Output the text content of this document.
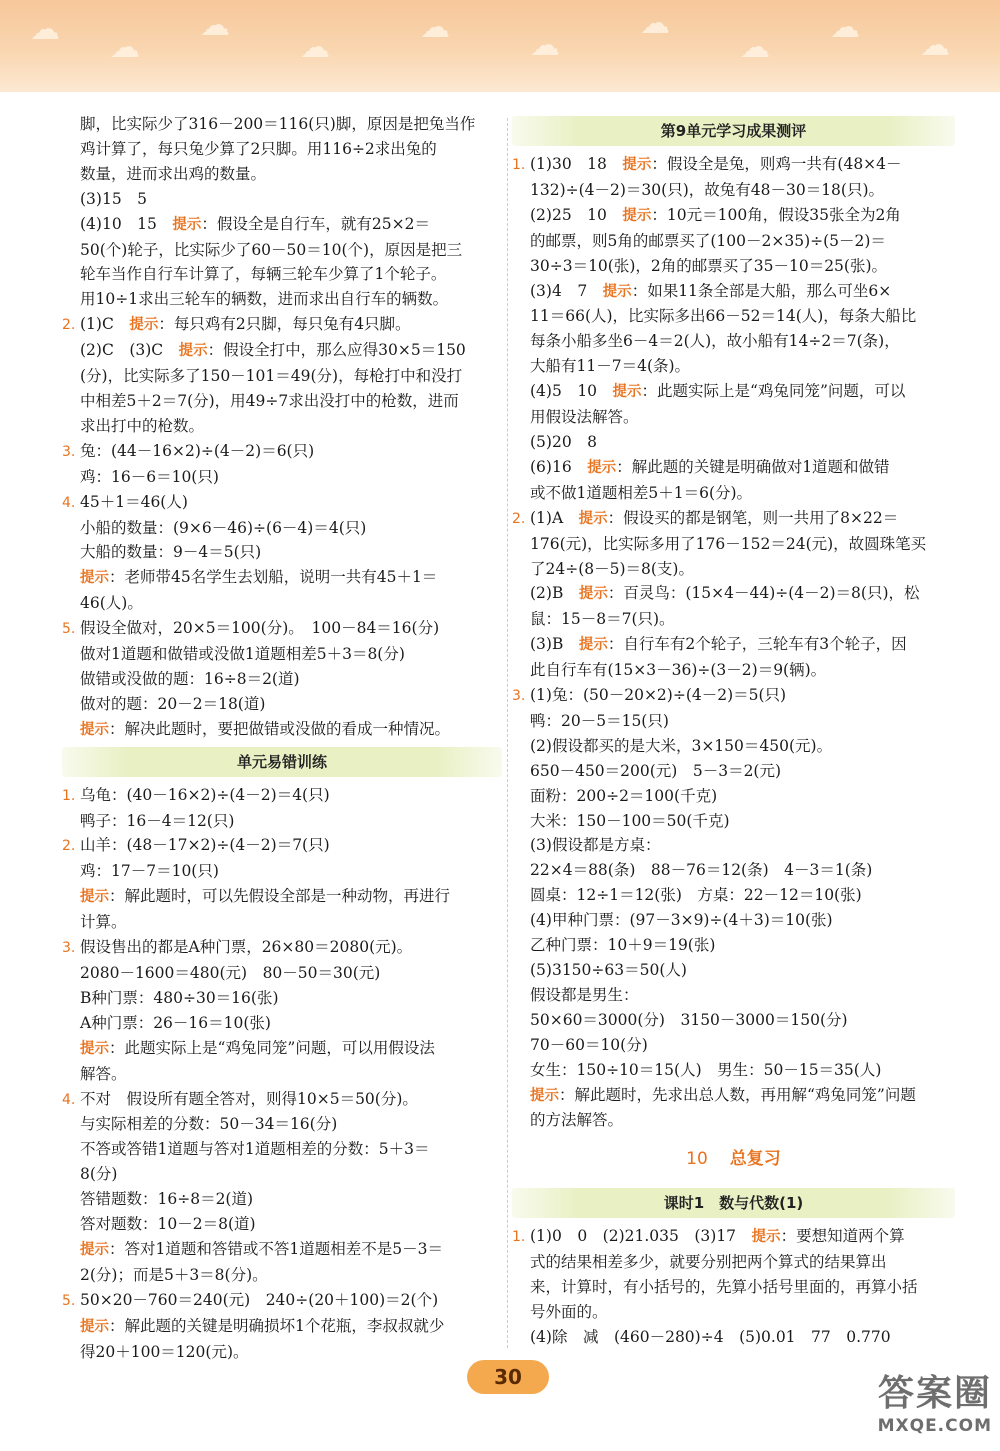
☁
☁
☁
☁
☁
☁
☁
☁
☁
☁
脚，比实际少了316－200＝116(只)脚，原因是把兔当作
鸡计算了，每只兔少算了2只脚。用116÷2求出兔的
数量，进而求出鸡的数量。
(3)15　5
(4)10　15　提示：假设全是自行车，就有25×2＝
50(个)轮子，比实际少了60－50＝10(个)，原因是把三
轮车当作自行车计算了，每辆三轮车少算了1个轮子。
用10÷1求出三轮车的辆数，进而求出自行车的辆数。
2. (1)C　提示：每只鸡有2只脚，每只兔有4只脚。
(2)C　(3)C　提示：假设全打中，那么应得30×5＝150
(分)，比实际多了150－101＝49(分)，每枪打中和没打
中相差5＋2＝7(分)，用49÷7求出没打中的枪数，进而
求出打中的枪数。
3. 兔：(44－16×2)÷(4－2)＝6(只)
鸡：16－6＝10(只)
4. 45＋1＝46(人)
小船的数量：(9×6－46)÷(6－4)＝4(只)
大船的数量：9－4＝5(只)
提示：老师带45名学生去划船，说明一共有45＋1＝
46(人)。
5. 假设全做对，20×5＝100(分)。　100－84＝16(分)
做对1道题和做错或没做1道题相差5＋3＝8(分)
做错或没做的题：16÷8＝2(道)
做对的题：20－2＝18(道)
提示：解决此题时，要把做错或没做的看成一种情况。
单元易错训练
1. 乌龟：(40－16×2)÷(4－2)＝4(只)
鸭子：16－4＝12(只)
2. 山羊：(48－17×2)÷(4－2)＝7(只)
鸡：17－7＝10(只)
提示：解此题时，可以先假设全部是一种动物，再进行
计算。
3. 假设售出的都是A种门票，26×80＝2080(元)。
2080－1600＝480(元)　80－50＝30(元)
B种门票：480÷30＝16(张)
A种门票：26－16＝10(张)
提示：此题实际上是“鸡兔同笼”问题，可以用假设法
解答。
4. 不对　假设所有题全答对，则得10×5＝50(分)。
与实际相差的分数：50－34＝16(分)
不答或答错1道题与答对1道题相差的分数：5＋3＝
8(分)
答错题数：16÷8＝2(道)
答对题数：10－2＝8(道)
提示：答对1道题和答错或不答1道题相差不是5－3＝
2(分)；而是5＋3＝8(分)。
5. 50×20－760＝240(元)　240÷(20＋100)＝2(个)
提示：解此题的关键是明确损坏1个花瓶，李叔叔就少
得20＋100＝120(元)。
第9单元学习成果测评
1. (1)30　18　提示：假设全是兔，则鸡一共有(48×4－
132)÷(4－2)＝30(只)，故兔有48－30＝18(只)。
(2)25　10　提示：10元＝100角，假设35张全为2角
的邮票，则5角的邮票买了(100－2×35)÷(5－2)＝
30÷3＝10(张)，2角的邮票买了35－10＝25(张)。
(3)4　7　提示：如果11条全部是大船，那么可坐6×
11＝66(人)，比实际多出66－52＝14(人)，每条大船比
每条小船多坐6－4＝2(人)，故小船有14÷2＝7(条)，
大船有11－7＝4(条)。
(4)5　10　提示：此题实际上是“鸡兔同笼”问题，可以
用假设法解答。
(5)20　8
(6)16　提示：解此题的关键是明确做对1道题和做错
或不做1道题相差5＋1＝6(分)。
2. (1)A　提示：假设买的都是钢笔，则一共用了8×22＝
176(元)，比实际多用了176－152＝24(元)，故圆珠笔买
了24÷(8－5)＝8(支)。
(2)B　提示：百灵鸟：(15×4－44)÷(4－2)＝8(只)，松
鼠：15－8＝7(只)。
(3)B　提示：自行车有2个轮子，三轮车有3个轮子，因
此自行车有(15×3－36)÷(3－2)＝9(辆)。
3. (1)兔：(50－20×2)÷(4－2)＝5(只)
鸭：20－5＝15(只)
(2)假设都买的是大米，3×150＝450(元)。
650－450＝200(元)　5－3＝2(元)
面粉：200÷2＝100(千克)
大米：150－100＝50(千克)
(3)假设都是方桌：
22×4＝88(条)　88－76＝12(条)　4－3＝1(条)
圆桌：12÷1＝12(张)　方桌：22－12＝10(张)
(4)甲种门票：(97－3×9)÷(4＋3)＝10(张)
乙种门票：10＋9＝19(张)
(5)3150÷63＝50(人)
假设都是男生：
50×60＝3000(分)　3150－3000＝150(分)
70－60＝10(分)
女生：150÷10＝15(人)　男生：50－15＝35(人)
提示：解此题时，先求出总人数，再用解“鸡兔同笼”问题
的方法解答。
10 总复习
课时1　数与代数(1)
1. (1)0　0　(2)21.035　(3)17　提示：要想知道两个算
式的结果相差多少，就要分别把两个算式的结果算出
来，计算时，有小括号的，先算小括号里面的，再算小括
号外面的。
(4)除　减　(460－280)÷4　(5)0.01　77　0.770
30	答案圈
MXQE.COM
